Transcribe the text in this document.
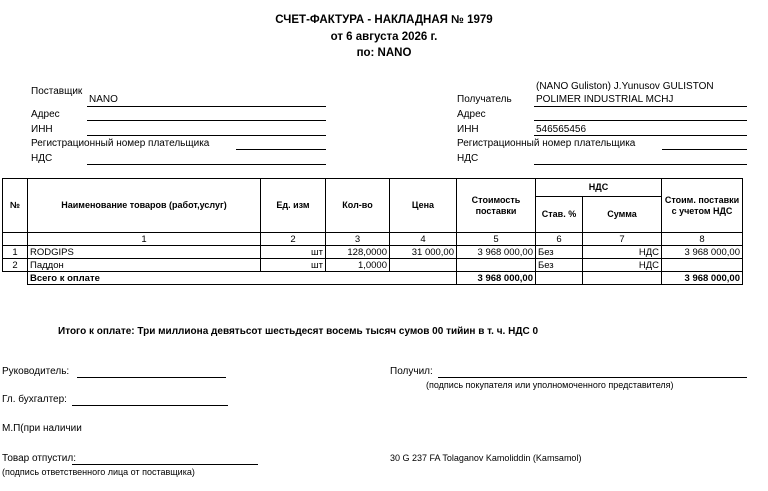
СЧЕТ-ФАКТУРА - НАКЛАДНАЯ № 1979
от 6 августа 2026 г.
по: NANO
Поставщик
NANO
Адрес
ИНН
Регистрационный номер плательщика
НДС
(NANO Guliston) J.Yunusov GULISTON
Получатель POLIMER INDUSTRIAL MCHJ
Адрес
ИНН	546565456
Регистрационный номер плательщика
НДС
№	Наименование товаров (работ,услуг)	Ед. изм	Кол-во	Цена	Стоимость поставки	НДС		Стоим. поставки с учетом НДС
						Став. %	Сумма	
	1	2	3	4	5	6	7	8
1	RODGIPS	шт	128,0000	31 000,00	3 968 000,00	Без	НДС	3 968 000,00
2	Паддон	шт	1,0000			Без	НДС	
	Всего к оплате				3 968 000,00			3 968 000,00
Итого к оплате: Три миллиона девятьсот шестьдесят восемь тысяч сумов 00 тийин в т. ч. НДС 0
Руководитель:
Гл. бухгалтер:
М.П(при наличии
Товар отпустил:
(подпись ответственного лица от поставщика)
Получил:
(подпись покупателя или уполномоченного представителя)
30 G 237 FA Tolaganov Kamoliddin (Kamsamol)
